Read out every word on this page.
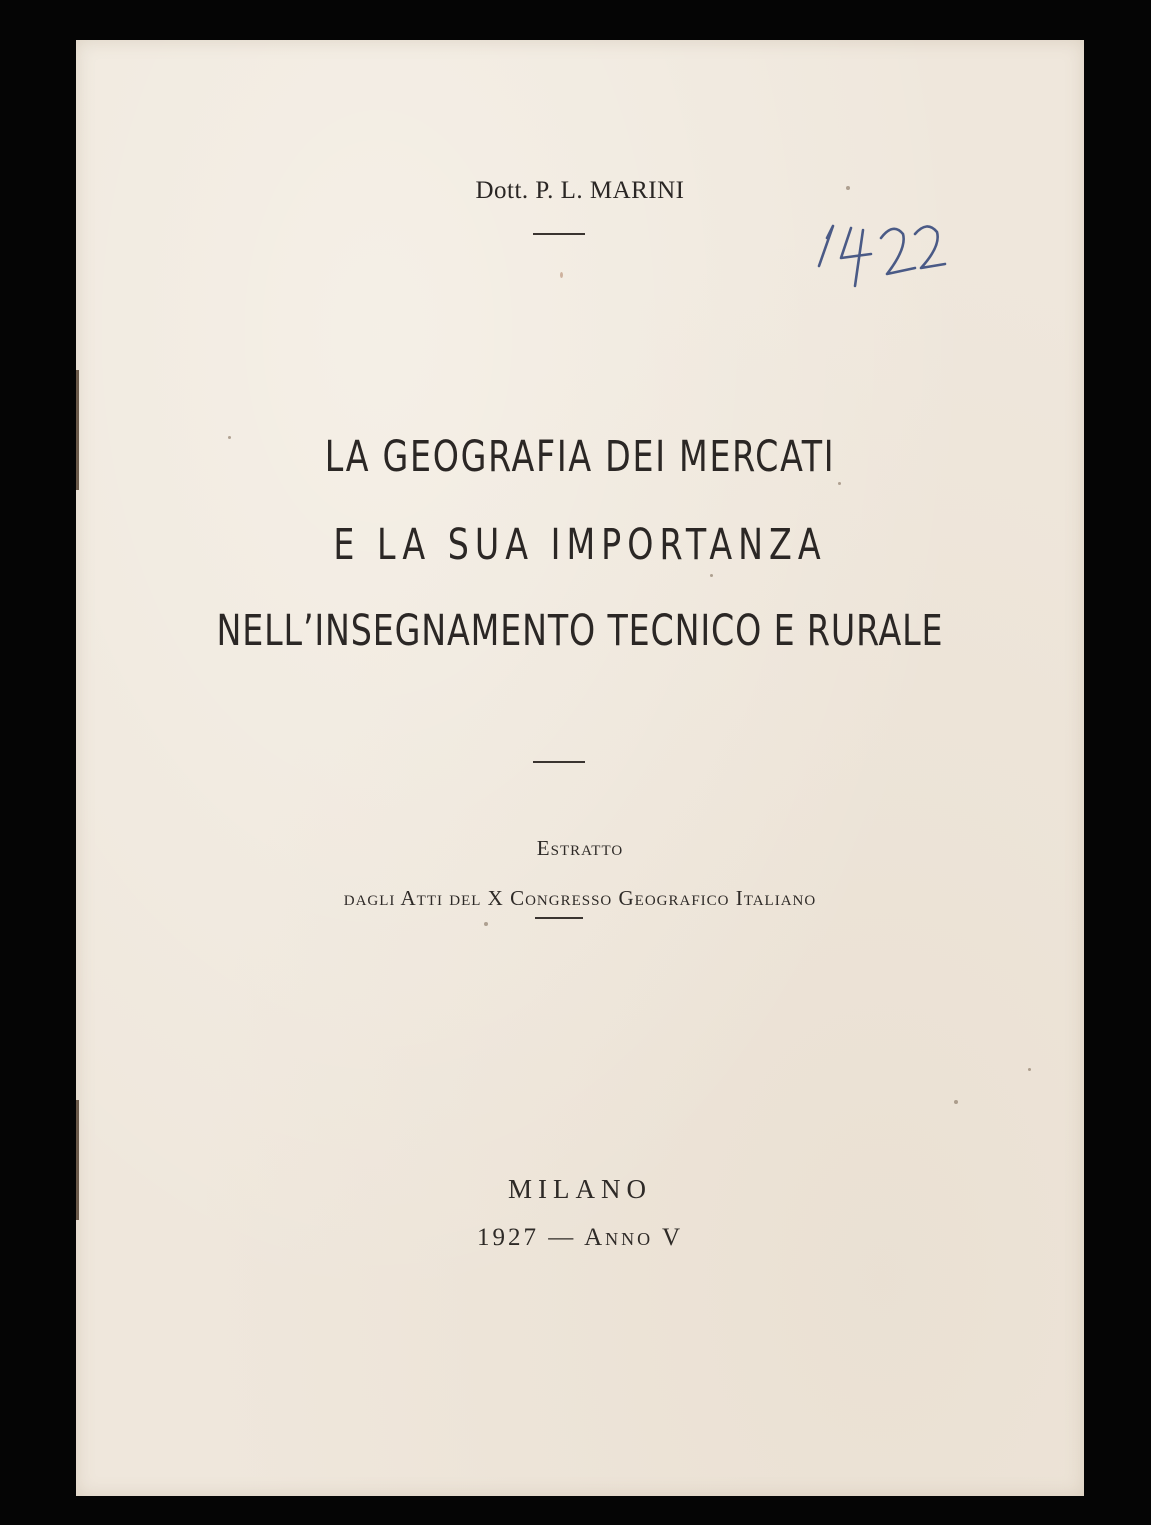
Dott. P. L. MARINI
LA GEOGRAFIA DEI MERCATI
E LA SUA IMPORTANZA
NELL’INSEGNAMENTO TECNICO E RURALE
Estratto
dagli Atti del X Congresso Geografico Italiano
MILANO
1927 — Anno V
